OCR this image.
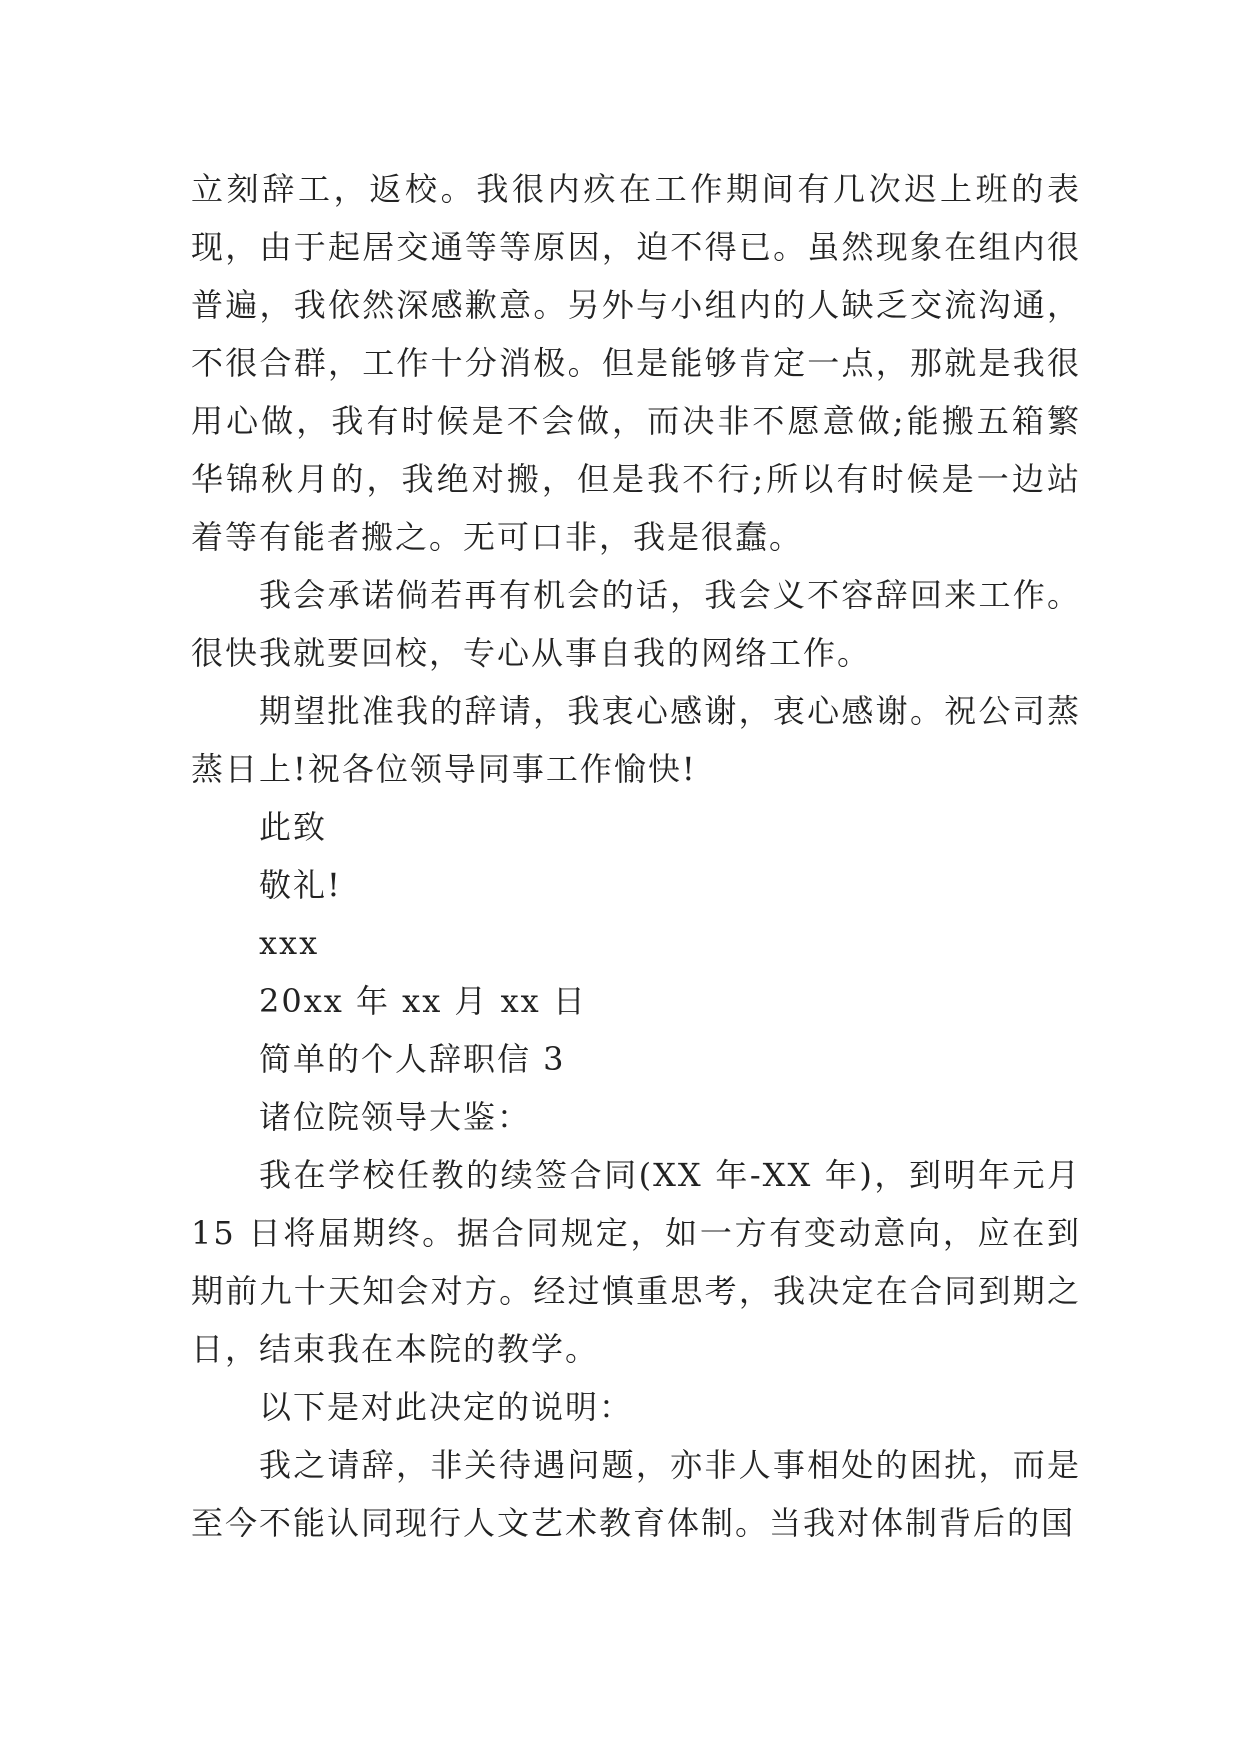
立刻辞工，返校。我很内疚在工作期间有几次迟上班的表现，由于起居交通等等原因，迫不得已。虽然现象在组内很普遍，我依然深感歉意。另外与小组内的人缺乏交流沟通，不很合群，工作十分消极。但是能够肯定一点，那就是我很用心做，我有时候是不会做，而决非不愿意做;能搬五箱繁华锦秋月的，我绝对搬，但是我不行;所以有时候是一边站着等有能者搬之。无可口非，我是很蠢。

我会承诺倘若再有机会的话，我会义不容辞回来工作。很快我就要回校，专心从事自我的网络工作。

期望批准我的辞请，我衷心感谢，衷心感谢。祝公司蒸蒸日上!祝各位领导同事工作愉快!

此致
敬礼!
xxx
20xx 年 xx 月 xx 日
简单的个人辞职信 3
诸位院领导大鉴：

我在学校任教的续签合同(XX 年-XX 年)，到明年元月 15 日将届期终。据合同规定，如一方有变动意向，应在到期前九十天知会对方。经过慎重思考，我决定在合同到期之日，结束我在本院的教学。

以下是对此决定的说明：

我之请辞，非关待遇问题，亦非人事相处的困扰，而是至今不能认同现行人文艺术教育体制。当我对体制背后的国
